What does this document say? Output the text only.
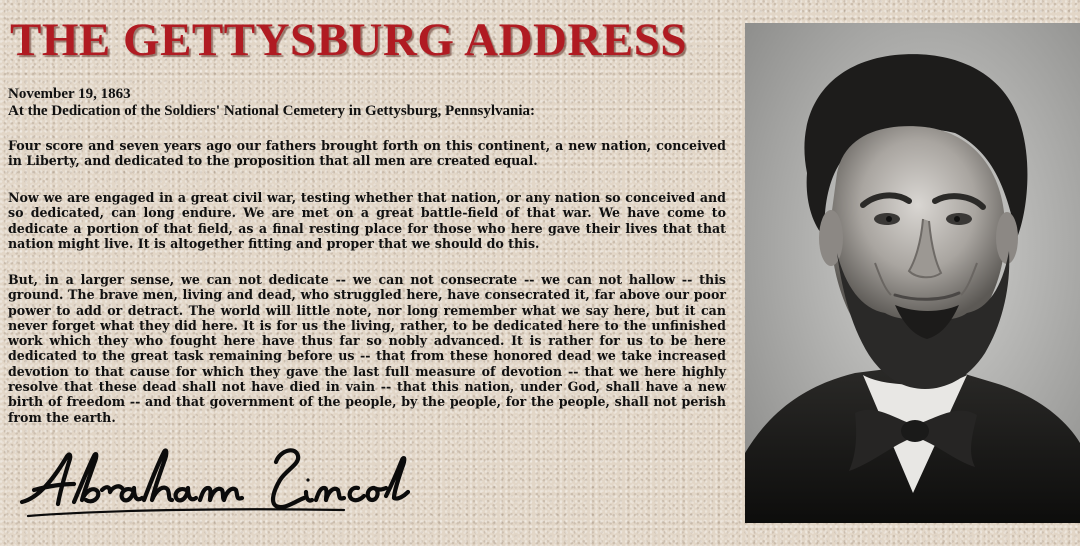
THE GETTYSBURG ADDRESS

November 19, 1863

At the Dedication of the Soldiers' National Cemetery in Gettysburg, Pennsylvania:

Four score and seven years ago our fathers brought forth on this continent, a new nation, conceived in Liberty, and dedicated to the proposition that all men are created equal.

Now we are engaged in a great civil war, testing whether that nation, or any nation so conceived and so dedicated, can long endure. We are met on a great battle-field of that war. We have come to dedicate a portion of that field, as a final resting place for those who here gave their lives that that nation might live. It is altogether fitting and proper that we should do this.

But, in a larger sense, we can not dedicate -- we can not consecrate -- we can not hallow -- this ground. The brave men, living and dead, who struggled here, have consecrated it, far above our poor power to add or detract. The world will little note, nor long remember what we say here, but it can never forget what they did here. It is for us the living, rather, to be dedicated here to the unfinished work which they who fought here have thus far so nobly advanced. It is rather for us to be here dedicated to the great task remaining before us -- that from these honored dead we take increased devotion to that cause for which they gave the last full measure of devotion -- that we here highly resolve that these dead shall not have died in vain -- that this nation, under God, shall have a new birth of freedom -- and that government of the people, by the people, for the people, shall not perish from the earth.
